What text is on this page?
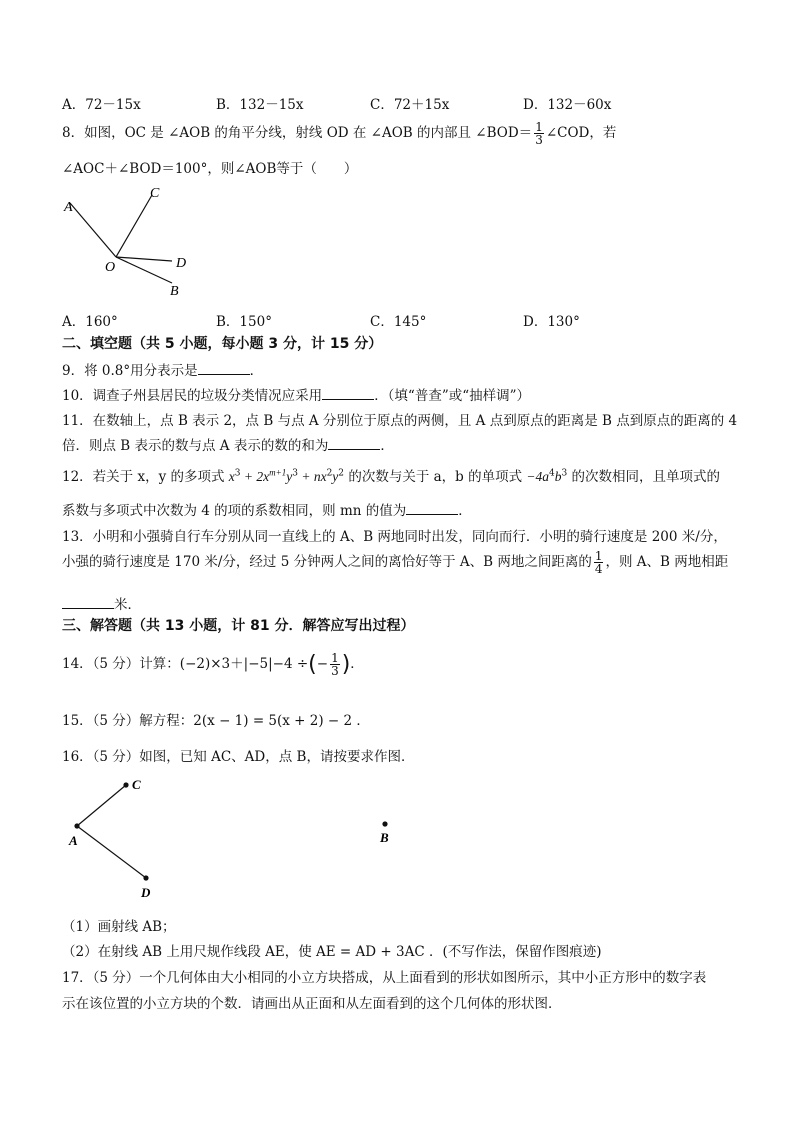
A．72－15x	B．132－15x	C．72＋15x	D．132－60x
8．如图，OC 是 ∠AOB 的角平分线，射线 OD 在 ∠AOB 的内部且 ∠BOD＝ $\frac{1}{3}$ ∠COD，若
∠AOC＋∠BOD＝100°，则∠AOB等于（　　）
A
C
O	D
B
A．160°	B．150°	C．145°	D．130°
二、填空题（共 5 小题，每小题 3 分，计 15 分）
9．将 0.8°用分表示是	．
10．调查子州县居民的垃圾分类情况应采用	．（填“普查”或“抽样调”）
11．在数轴上，点 B 表示 2，点 B 与点 A 分别位于原点的两侧，且 A 点到原点的距离是 B 点到原点的距离的 4
倍．则点 B 表示的数与点 A 表示的数的和为	．
12．若关于 x，y 的多项式 $x^3 + 2x^{m+1}y^3 + nx^2y^2$ 的次数与关于 a，b 的单项式 $-4a^4b^3$ 的次数相同，且单项式的
系数与多项式中次数为 4 的项的系数相同，则 mn 的值为	．
13．小明和小强骑自行车分别从同一直线上的 A、B 两地同时出发，同向而行．小明的骑行速度是 200 米/分，
小强的骑行速度是 170 米/分，经过 5 分钟两人之间的离恰好等于 A、B 两地之间距离的 $\frac{1}{4}$ ，则 A、B 两地相距
米．
三、解答题（共 13 小题，计 81 分．解答应写出过程）
14．（5 分）计算：(−2)×3＋|−5|−4 ÷(− $\frac{1}{3}$ )．
15．（5 分）解方程：2(x − 1) = 5(x + 2) − 2 ．
16．（5 分）如图，已知 AC、AD，点 B，请按要求作图．
A
C
D
B
（1）画射线 AB；
（2）在射线 AB 上用尺规作线段 AE，使 AE = AD + 3AC ．(不写作法，保留作图痕迹)
17．（5 分）一个几何体由大小相同的小立方块搭成，从上面看到的形状如图所示，其中小正方形中的数字表
示在该位置的小立方块的个数．请画出从正面和从左面看到的这个几何体的形状图．
